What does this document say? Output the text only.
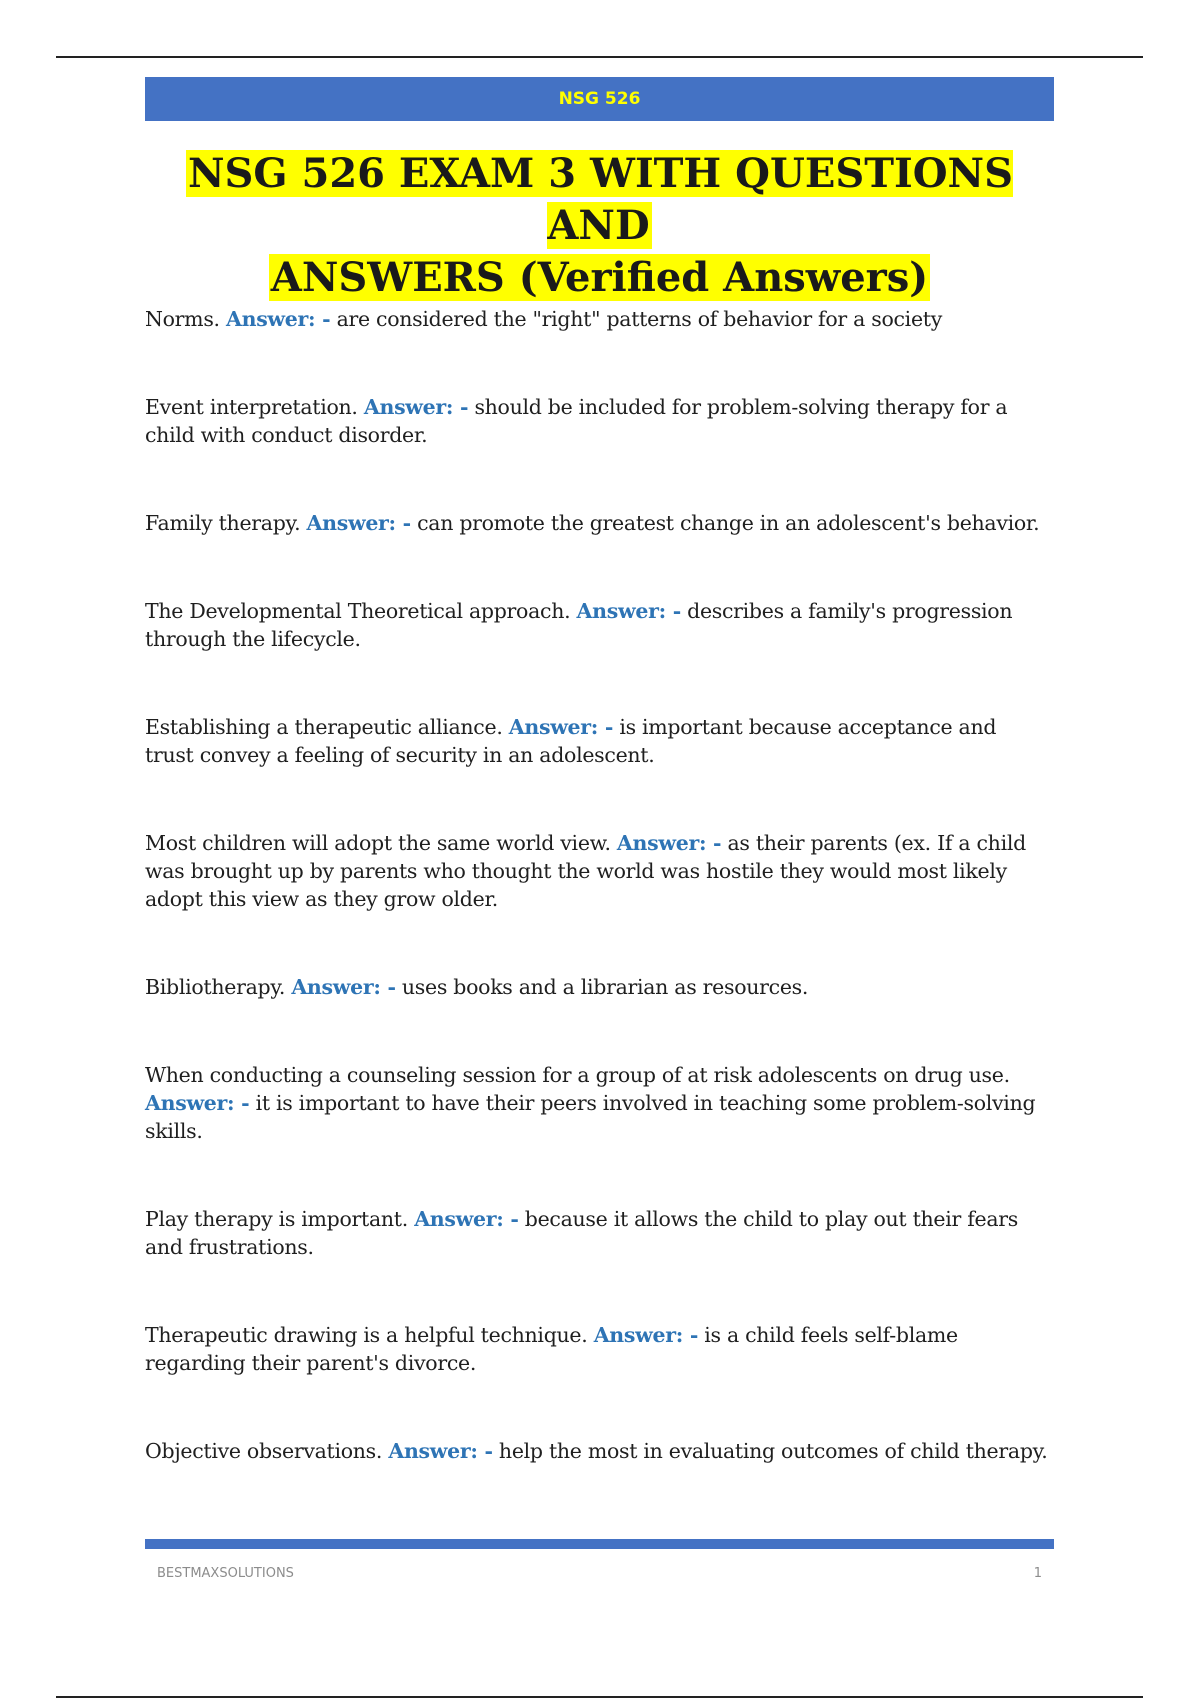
NSG 526
NSG 526 EXAM 3 WITH QUESTIONS AND
ANSWERS (Verified Answers)
Norms. Answer: - are considered the "right" patterns of behavior for a society
Event interpretation. Answer: - should be included for problem-solving therapy for a child with conduct disorder.
Family therapy. Answer: - can promote the greatest change in an adolescent's behavior.
The Developmental Theoretical approach. Answer: - describes a family's progression through the lifecycle.
Establishing a therapeutic alliance. Answer: - is important because acceptance and trust convey a feeling of security in an adolescent.
Most children will adopt the same world view. Answer: - as their parents (ex. If a child was brought up by parents who thought the world was hostile they would most likely adopt this view as they grow older.
Bibliotherapy. Answer: - uses books and a librarian as resources.
When conducting a counseling session for a group of at risk adolescents on drug use. Answer: - it is important to have their peers involved in teaching some problem-solving skills.
Play therapy is important. Answer: - because it allows the child to play out their fears and frustrations.
Therapeutic drawing is a helpful technique. Answer: - is a child feels self-blame regarding their parent's divorce.
Objective observations. Answer: - help the most in evaluating outcomes of child therapy.
BESTMAXSOLUTIONS	1
